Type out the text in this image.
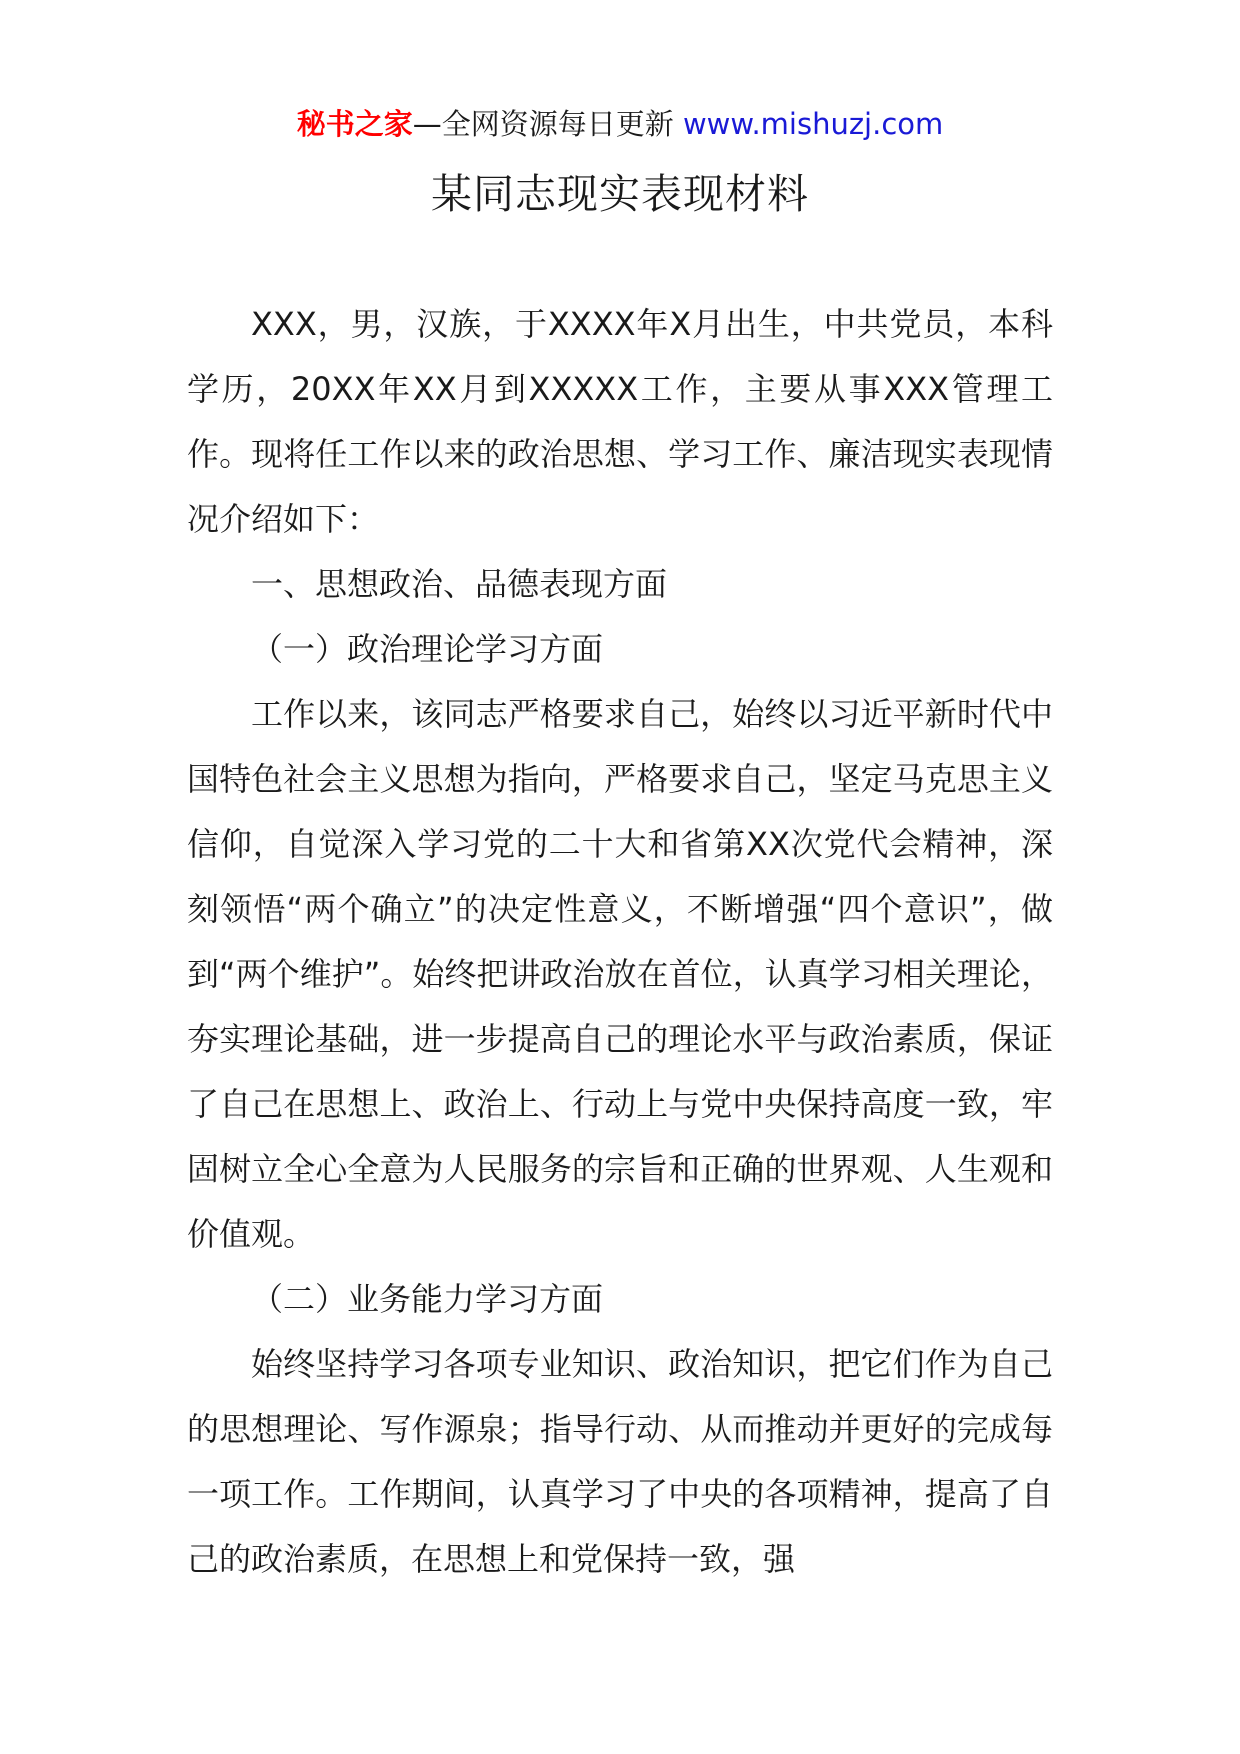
秘书之家—全网资源每日更新 www.mishuzj.com
某同志现实表现材料

XXX，男，汉族，于XXXX年X月出生，中共党员，本科学历，20XX年XX月到XXXXX工作，主要从事XXX管理工作。现将任工作以来的政治思想、学习工作、廉洁现实表现情况介绍如下：

一、思想政治、品德表现方面

（一）政治理论学习方面

工作以来，该同志严格要求自己，始终以习近平新时代中国特色社会主义思想为指向，严格要求自己，坚定马克思主义信仰，自觉深入学习党的二十大和省第XX次党代会精神，深刻领悟“两个确立”的决定性意义，不断增强“四个意识”，做到“两个维护”。始终把讲政治放在首位，认真学习相关理论，夯实理论基础，进一步提高自己的理论水平与政治素质，保证了自己在思想上、政治上、行动上与党中央保持高度一致，牢固树立全心全意为人民服务的宗旨和正确的世界观、人生观和价值观。

（二）业务能力学习方面

始终坚持学习各项专业知识、政治知识，把它们作为自己的思想理论、写作源泉；指导行动、从而推动并更好的完成每一项工作。工作期间，认真学习了中央的各项精神，提高了自己的政治素质，在思想上和党保持一致，强
